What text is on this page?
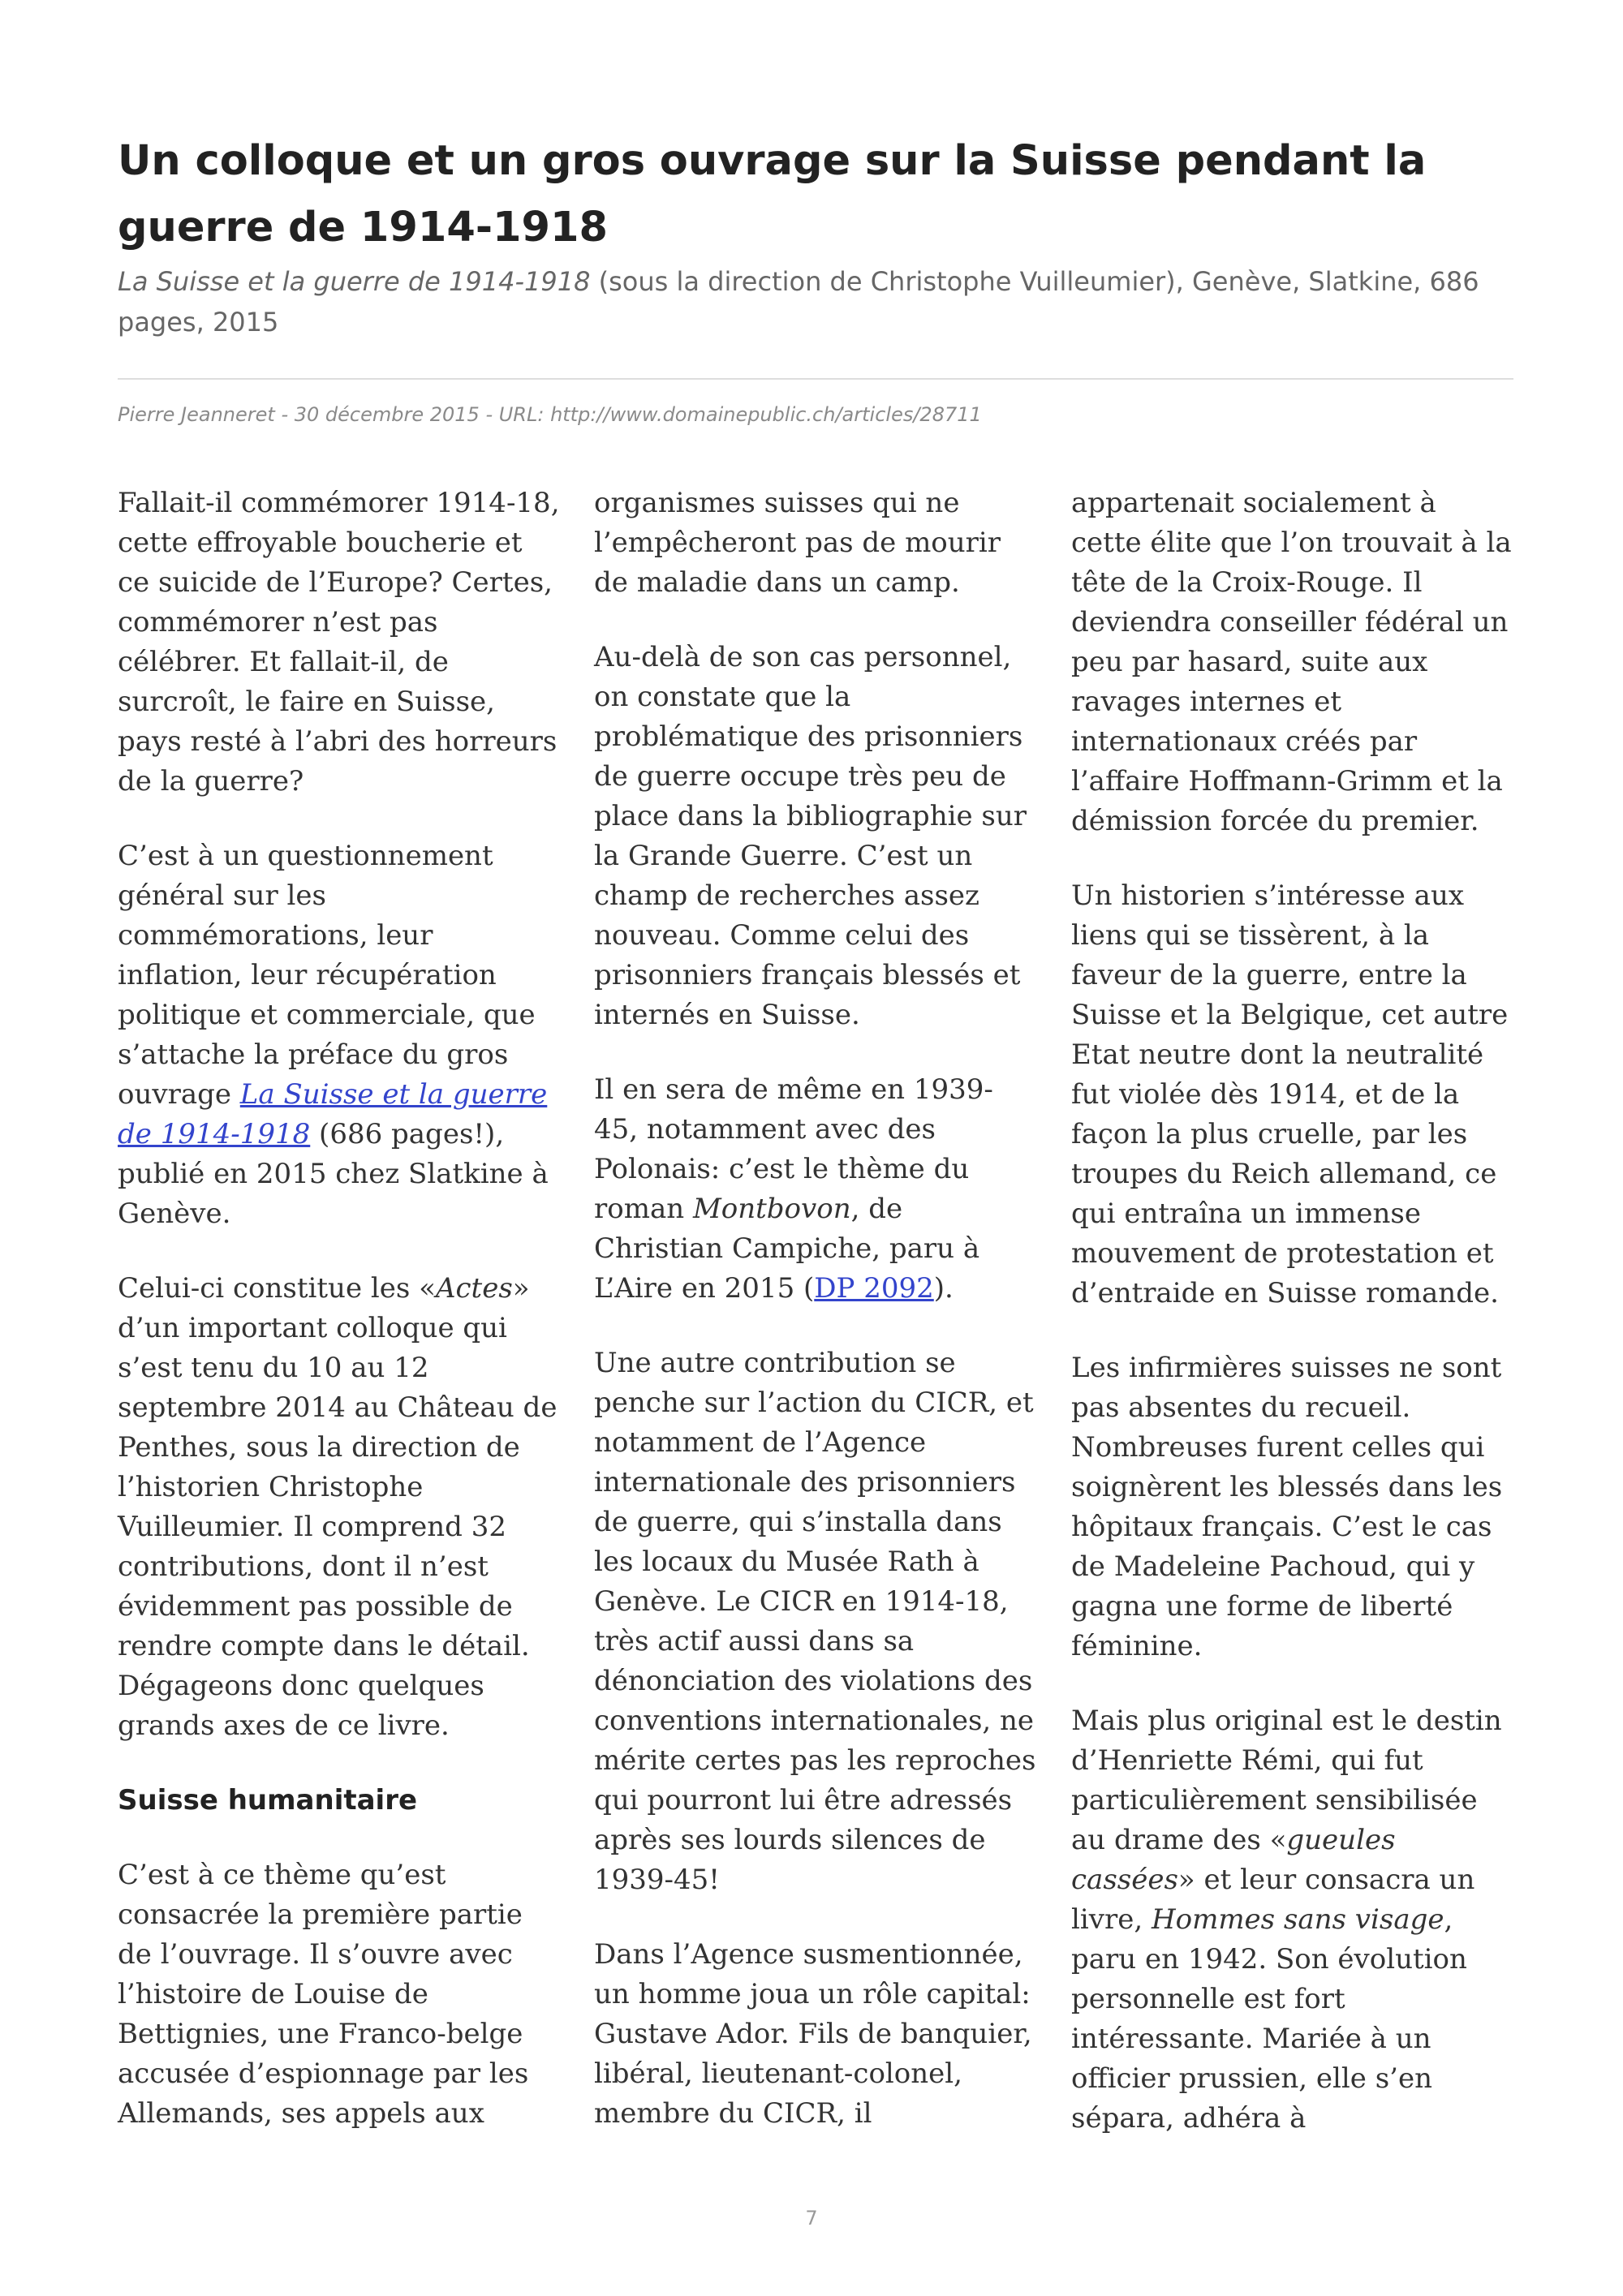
Un colloque et un gros ouvrage sur la Suisse pendant la guerre de 1914-1918
La Suisse et la guerre de 1914-1918 (sous la direction de Christophe Vuilleumier), Genève, Slatkine, 686 pages, 2015
Pierre Jeanneret - 30 décembre 2015 - URL: http://www.domainepublic.ch/articles/28711

Fallait-il commémorer 1914-18, cette effroyable boucherie et ce suicide de l’Europe? Certes, commémorer n’est pas célébrer. Et fallait-il, de surcroît, le faire en Suisse, pays resté à l’abri des horreurs de la guerre?

C’est à un questionnement général sur les commémorations, leur inflation, leur récupération politique et commerciale, que s’attache la préface du gros ouvrage La Suisse et la guerre de 1914-1918 (686 pages!), publié en 2015 chez Slatkine à Genève.

Celui-ci constitue les «Actes» d’un important colloque qui s’est tenu du 10 au 12 septembre 2014 au Château de Penthes, sous la direction de l’historien Christophe Vuilleumier. Il comprend 32 contributions, dont il n’est évidemment pas possible de rendre compte dans le détail. Dégageons donc quelques grands axes de ce livre.

Suisse humanitaire

C’est à ce thème qu’est consacrée la première partie de l’ouvrage. Il s’ouvre avec l’histoire de Louise de Bettignies, une Franco-belge accusée d’espionnage par les Allemands, ses appels aux

organismes suisses qui ne l’empêcheront pas de mourir de maladie dans un camp.

Au-delà de son cas personnel, on constate que la problématique des prisonniers de guerre occupe très peu de place dans la bibliographie sur la Grande Guerre. C’est un champ de recherches assez nouveau. Comme celui des prisonniers français blessés et internés en Suisse.

Il en sera de même en 1939-45, notamment avec des Polonais: c’est le thème du roman Montbovon, de Christian Campiche, paru à L’Aire en 2015 (DP 2092).

Une autre contribution se penche sur l’action du CICR, et notamment de l’Agence internationale des prisonniers de guerre, qui s’installa dans les locaux du Musée Rath à Genève. Le CICR en 1914-18, très actif aussi dans sa dénonciation des violations des conventions internationales, ne mérite certes pas les reproches qui pourront lui être adressés après ses lourds silences de 1939-45!

Dans l’Agence susmentionnée, un homme joua un rôle capital: Gustave Ador. Fils de banquier, libéral, lieutenant-colonel, membre du CICR, il

appartenait socialement à cette élite que l’on trouvait à la tête de la Croix-Rouge. Il deviendra conseiller fédéral un peu par hasard, suite aux ravages internes et internationaux créés par l’affaire Hoffmann-Grimm et la démission forcée du premier.

Un historien s’intéresse aux liens qui se tissèrent, à la faveur de la guerre, entre la Suisse et la Belgique, cet autre Etat neutre dont la neutralité fut violée dès 1914, et de la façon la plus cruelle, par les troupes du Reich allemand, ce qui entraîna un immense mouvement de protestation et d’entraide en Suisse romande.

Les infirmières suisses ne sont pas absentes du recueil. Nombreuses furent celles qui soignèrent les blessés dans les hôpitaux français. C’est le cas de Madeleine Pachoud, qui y gagna une forme de liberté féminine.

Mais plus original est le destin d’Henriette Rémi, qui fut particulièrement sensibilisée au drame des «gueules cassées» et leur consacra un livre, Hommes sans visage, paru en 1942. Son évolution personnelle est fort intéressante. Mariée à un officier prussien, elle s’en sépara, adhéra à

7
